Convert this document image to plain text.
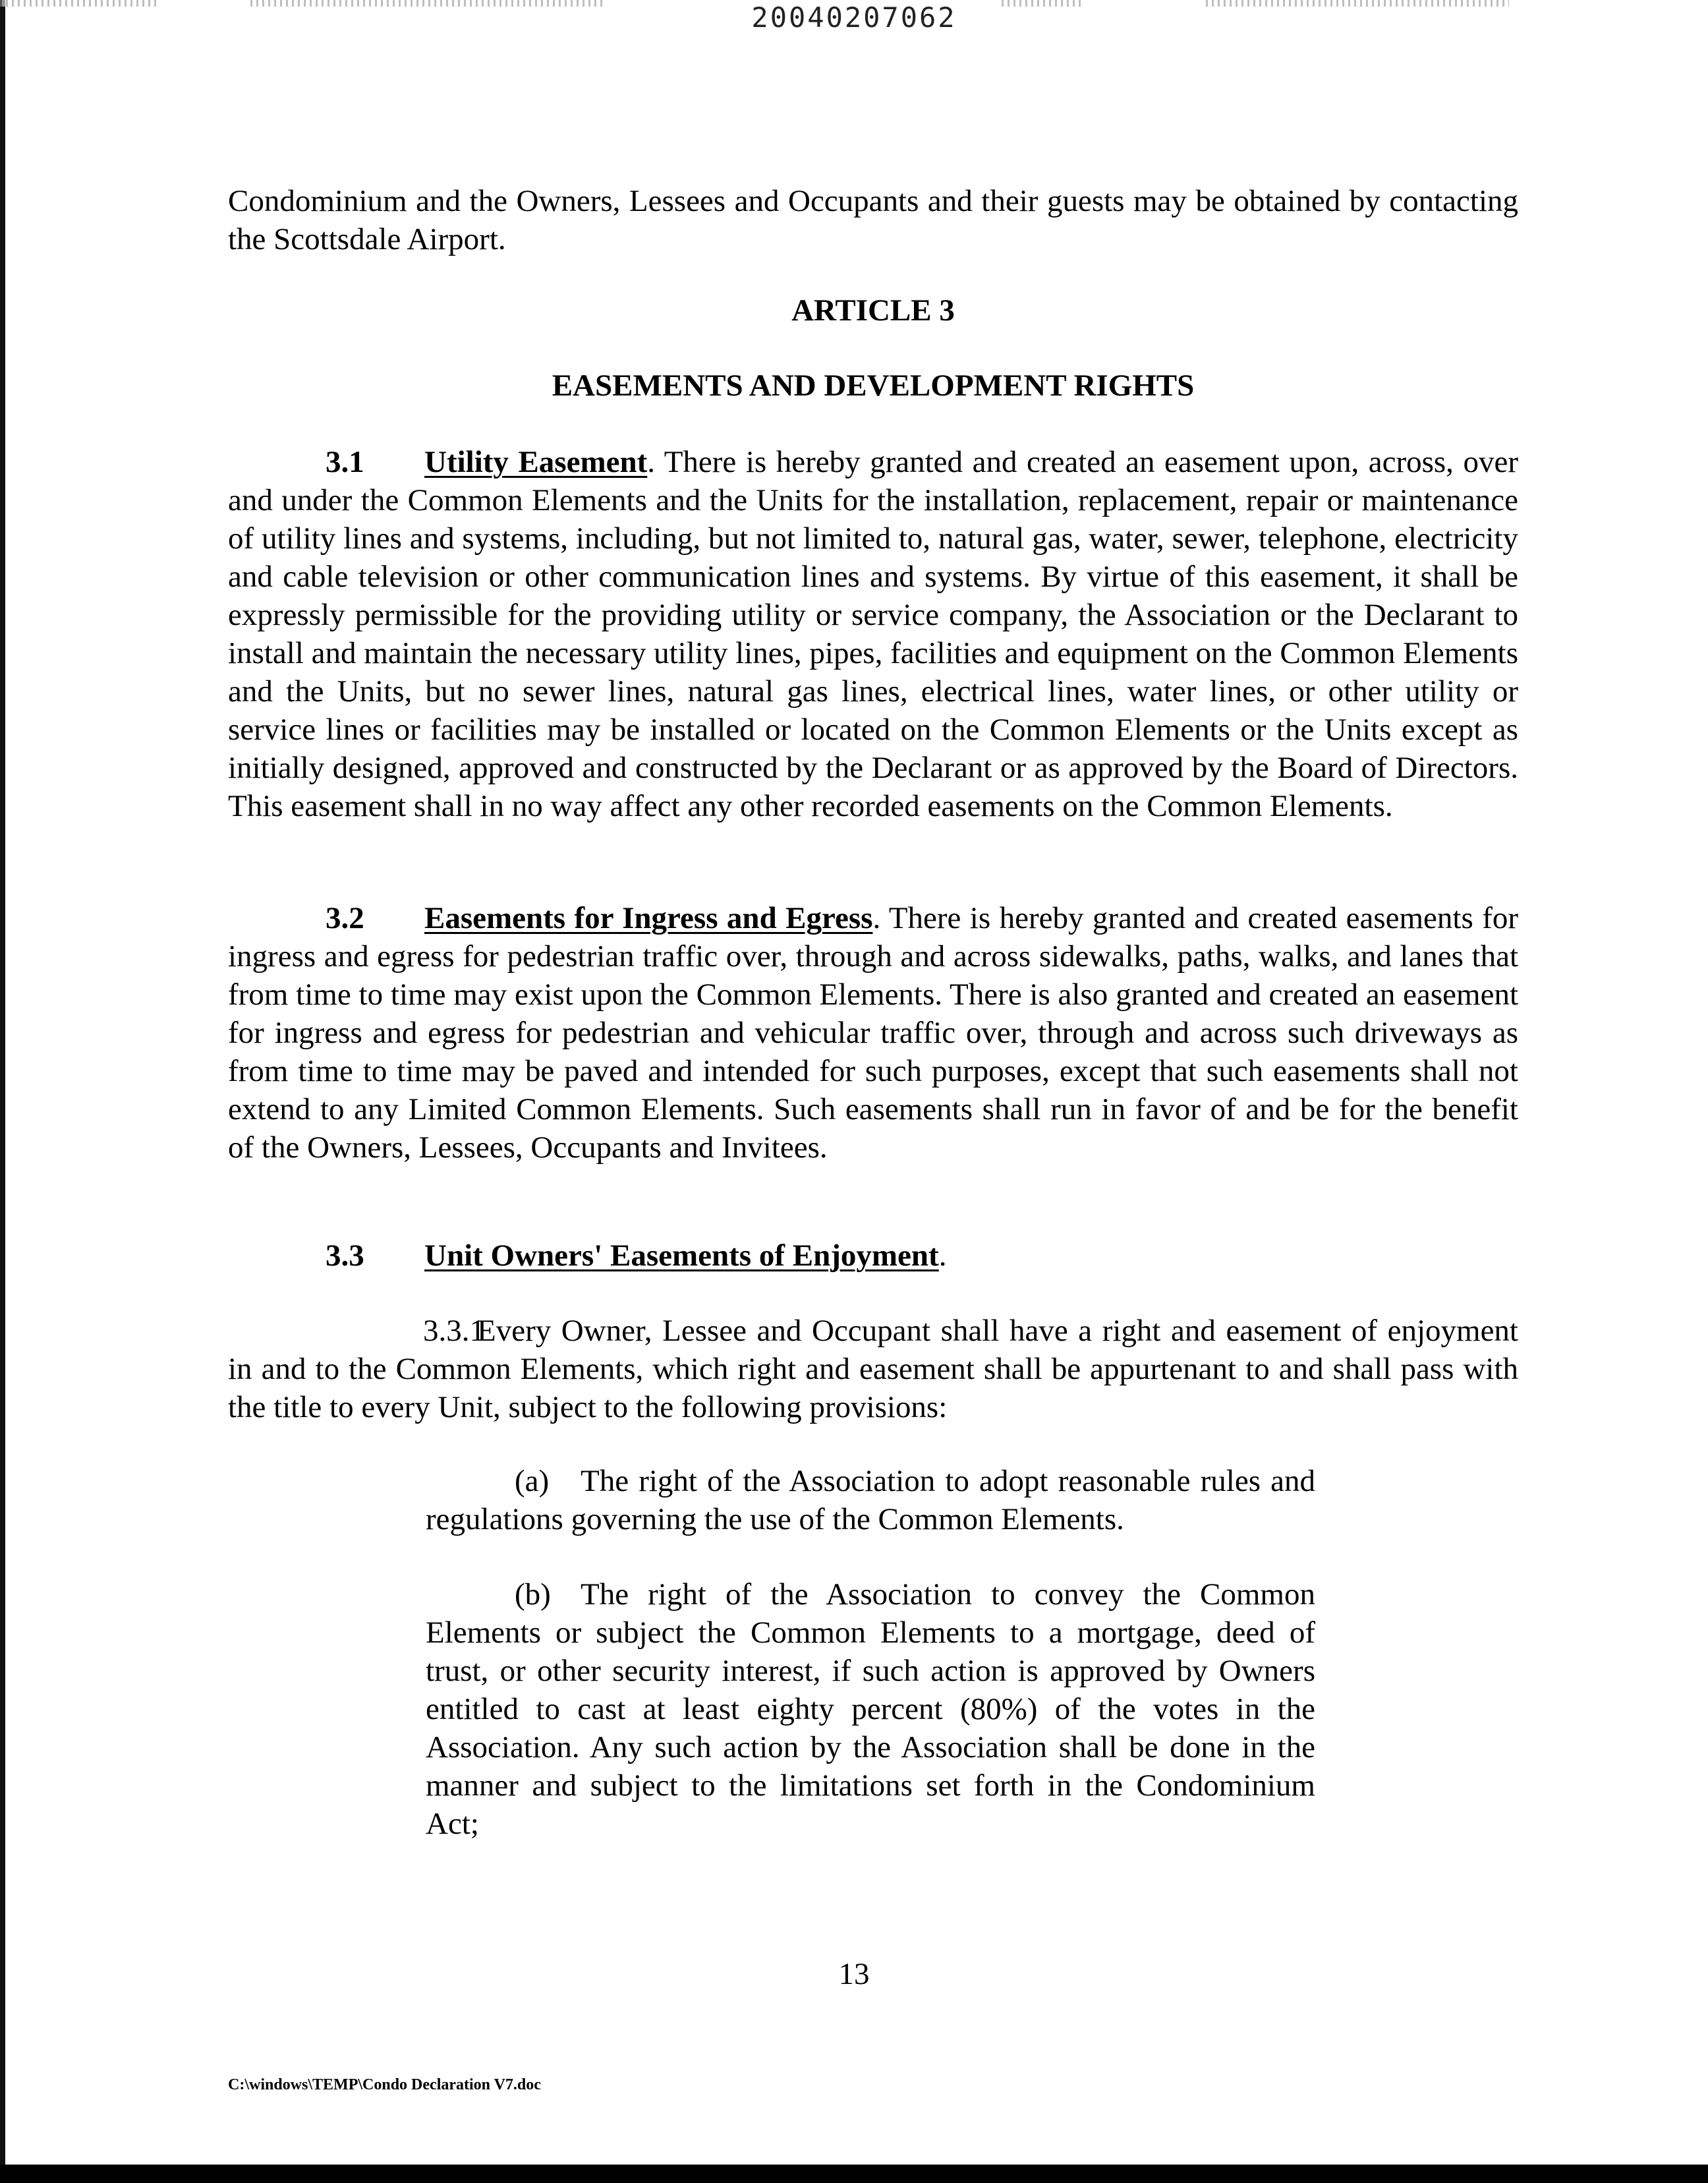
20040207062
Condominium and the Owners, Lessees and Occupants and their guests may be obtained by contacting the Scottsdale Airport.
ARTICLE 3
EASEMENTS AND DEVELOPMENT RIGHTS
3.1 Utility Easement. There is hereby granted and created an easement upon, across, over and under the Common Elements and the Units for the installation, replacement, repair or maintenance of utility lines and systems, including, but not limited to, natural gas, water, sewer, telephone, electricity and cable television or other communication lines and systems. By virtue of this easement, it shall be expressly permissible for the providing utility or service company, the Association or the Declarant to install and maintain the necessary utility lines, pipes, facilities and equipment on the Common Elements and the Units, but no sewer lines, natural gas lines, electrical lines, water lines, or other utility or service lines or facilities may be installed or located on the Common Elements or the Units except as initially designed, approved and constructed by the Declarant or as approved by the Board of Directors. This easement shall in no way affect any other recorded easements on the Common Elements.
3.2 Easements for Ingress and Egress. There is hereby granted and created easements for ingress and egress for pedestrian traffic over, through and across sidewalks, paths, walks, and lanes that from time to time may exist upon the Common Elements. There is also granted and created an easement for ingress and egress for pedestrian and vehicular traffic over, through and across such driveways as from time to time may be paved and intended for such purposes, except that such easements shall not extend to any Limited Common Elements. Such easements shall run in favor of and be for the benefit of the Owners, Lessees, Occupants and Invitees.
3.3 Unit Owners' Easements of Enjoyment.
3.3.1Every Owner, Lessee and Occupant shall have a right and easement of enjoyment in and to the Common Elements, which right and easement shall be appurtenant to and shall pass with the title to every Unit, subject to the following provisions:
(a) The right of the Association to adopt reasonable rules and regulations governing the use of the Common Elements.
(b) The right of the Association to convey the Common Elements or subject the Common Elements to a mortgage, deed of trust, or other security interest, if such action is approved by Owners entitled to cast at least eighty percent (80%) of the votes in the Association. Any such action by the Association shall be done in the manner and subject to the limitations set forth in the Condominium Act;
13
C:\windows\TEMP\Condo Declaration V7.doc
